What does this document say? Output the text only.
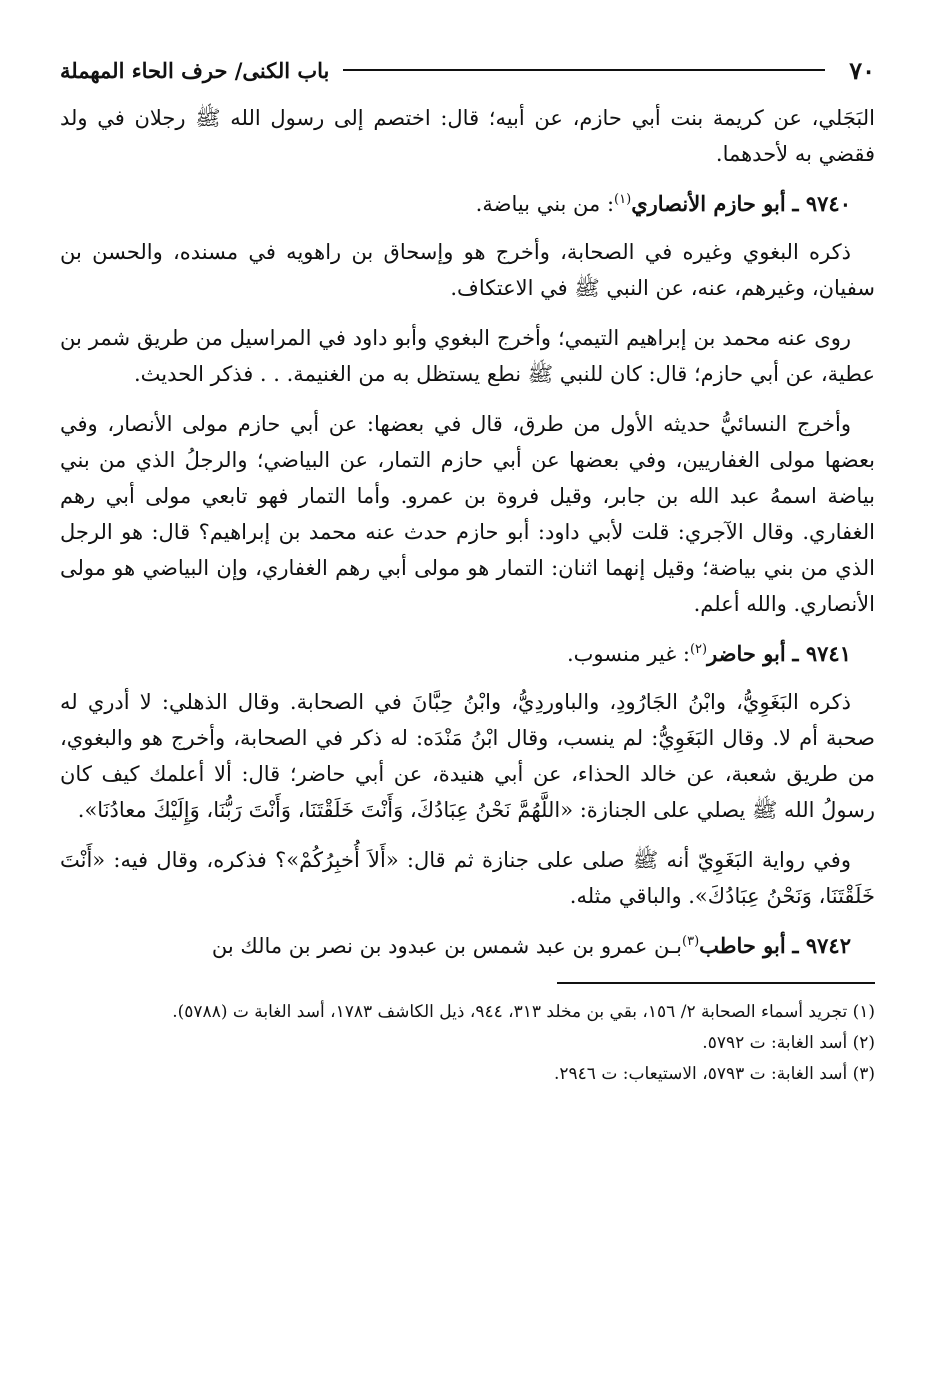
٧٠
باب الكنى/ حرف الحاء المهملة

البَجَلي، عن كريمة بنت أبي حازم، عن أبيه؛ قال: اختصم إلى رسول الله ﷺ رجلان في ولد فقضي به لأحدهما.

٩٧٤٠ ـ أبو حازم الأنصاري$^{(١)}$: من بني بياضة.

ذكره البغوي وغيره في الصحابة، وأخرج هو وإسحاق بن راهويه في مسنده، والحسن بن سفيان، وغيرهم، عنه، عن النبي ﷺ في الاعتكاف.

روى عنه محمد بن إبراهيم التيمي؛ وأخرج البغوي وأبو داود في المراسيل من طريق شمر بن عطية، عن أبي حازم؛ قال: كان للنبي ﷺ نطع يستظل به من الغنيمة. . . فذكر الحديث.

وأخرج النسائيُّ حديثه الأول من طرق، قال في بعضها: عن أبي حازم مولى الأنصار، وفي بعضها مولى الغفاريين، وفي بعضها عن أبي حازم التمار، عن البياضي؛ والرجلُ الذي من بني بياضة اسمهُ عبد الله بن جابر، وقيل فروة بن عمرو. وأما التمار فهو تابعي مولى أبي رهم الغفاري. وقال الآجري: قلت لأبي داود: أبو حازم حدث عنه محمد بن إبراهيم؟ قال: هو الرجل الذي من بني بياضة؛ وقيل إنهما اثنان: التمار هو مولى أبي رهم الغفاري، وإن البياضي هو مولى الأنصاري. والله أعلم.

٩٧٤١ ـ أبو حاضر$^{(٢)}$: غير منسوب.

ذكره البَغَوِيُّ، وابْنُ الجَارُودِ، والباوردِيُّ، وابْنُ حِبَّانَ في الصحابة. وقال الذهلي: لا أدري له صحبة أم لا. وقال البَغَوِيُّ: لم ينسب، وقال ابْنُ مَنْدَه: له ذكر في الصحابة، وأخرج هو والبغوي، من طريق شعبة، عن خالد الحذاء، عن أبي هنيدة، عن أبي حاضر؛ قال: ألا أعلمك كيف كان رسولُ الله ﷺ يصلي على الجنازة: «اللَّهُمَّ نَحْنُ عِبَادُكَ، وَأَنْتَ خَلَقْتَنَا، وَأَنْتَ رَبُّنَا، وَإِلَيْكَ معادُنَا».

وفي رواية البَغَوِيّ أنه ﷺ صلى على جنازة ثم قال: «أَلاَ أُخبِرُكُمْ»؟ فذكره، وقال فيه: «أَنْتَ خَلَقْتَنَا، وَنَحْنُ عِبَادُكَ». والباقي مثله.

٩٧٤٢ ـ أبو حاطب$^{(٣)}$بـن عمرو بن عبد شمس بن عبدود بن نصر بن مالك بن

(١) تجريد أسماء الصحابة ٢/ ١٥٦، بقي بن مخلد ٣١٣، ٩٤٤، ذيل الكاشف ١٧٨٣، أسد الغابة ت (٥٧٨٨).

(٢) أسد الغابة: ت ٥٧٩٢.

(٣) أسد الغابة: ت ٥٧٩٣، الاستيعاب: ت ٢٩٤٦.
